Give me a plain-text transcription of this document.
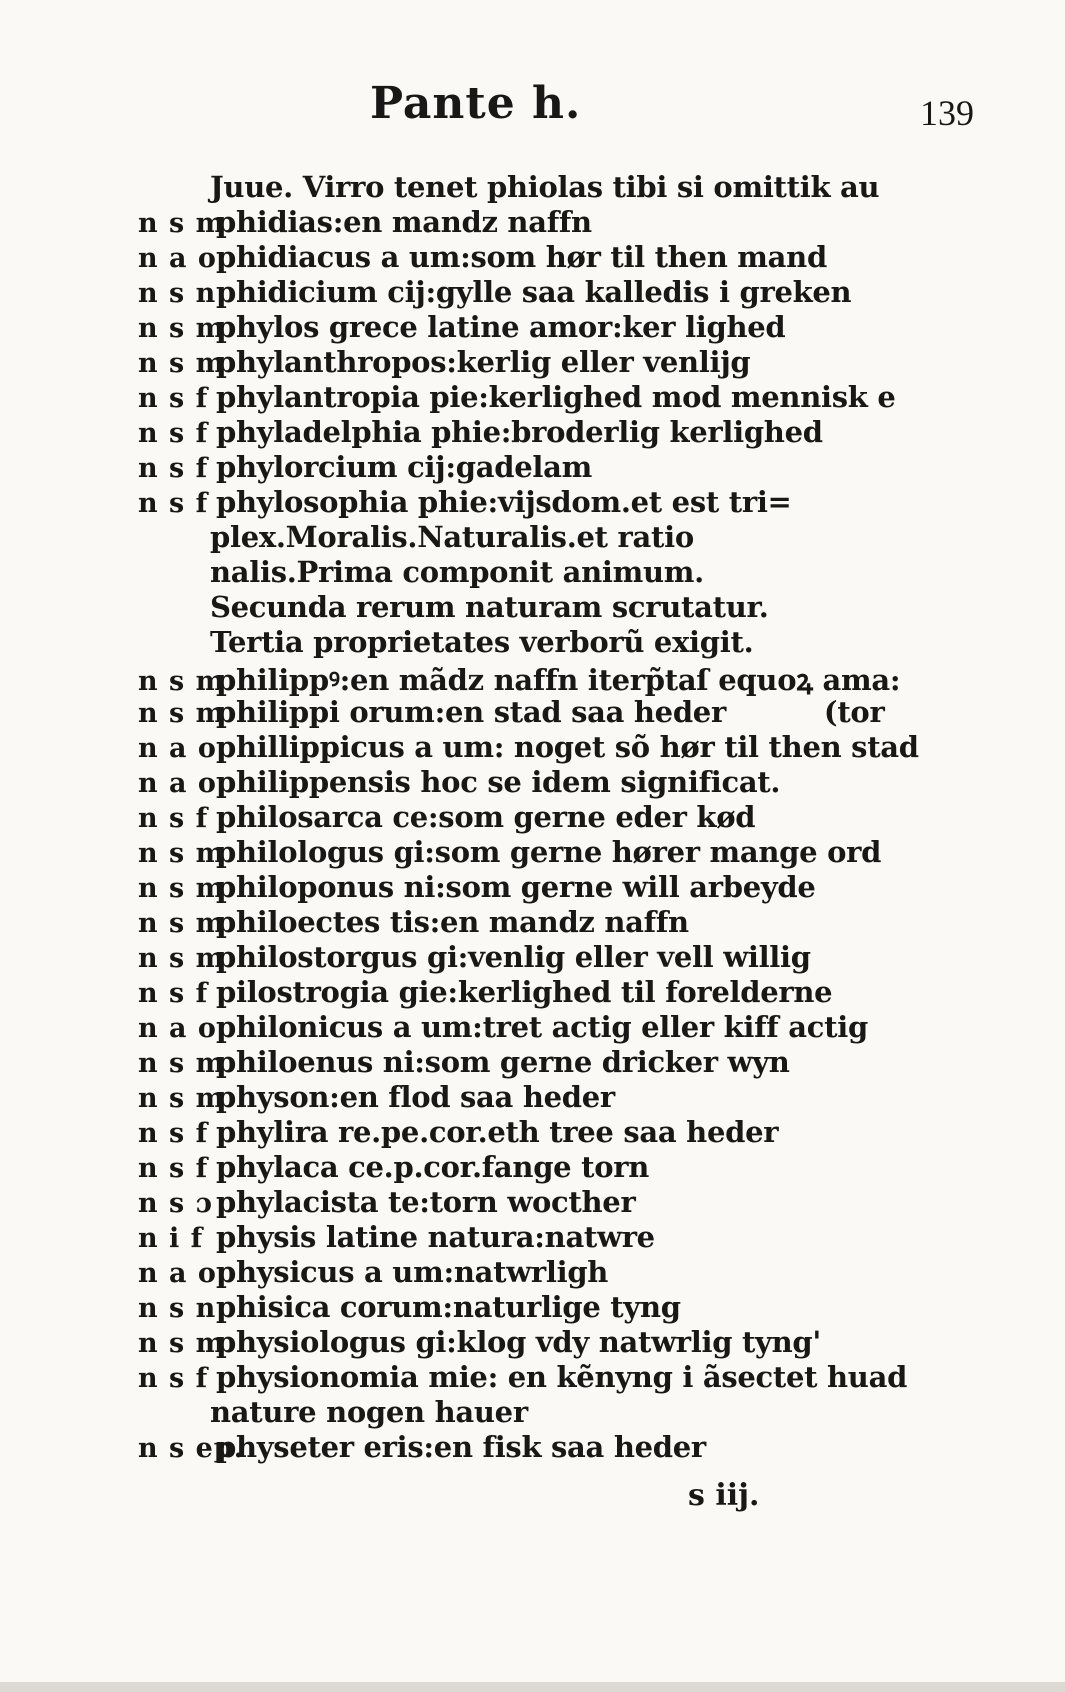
Pante h.	139
Juue. Virro tenet phiolas tibi si omittik au
n s m
phidias:en mandz naffn
n a o phidiacus a um:som hør til then mand
n s n phidicium cij:gylle saa kalledis i greken
n s m
phylos grece latine amor:ker lighed
n s m
phylanthropos:kerlig eller venlijg
n s f phylantropia pie:kerlighed mod mennisk e
n s f phyladelphia phie:broderlig kerlighed
n s f phylorcium cij:gadelam
n s f phylosophia phie:vijsdom.et est tri=
plex.Moralis.Naturalis.et ratio
nalis.Prima componit animum.
Secunda rerum naturam scrutatur.
Tertia proprietates verborũ exigit.
n s m
philippꝰ:en mãdz naffn iterp̃taſ equoꝝ ama:
n s m
philippi orum:en stad saa heder          (tor
n a o phillippicus a um: noget sõ hør til then stad
n a o philippensis hoc se idem significat.
n s f philosarca ce:som gerne eder kød
n s m
philologus gi:som gerne hører mange ord
n s m
philoponus ni:som gerne will arbeyde
n s m
philoectes tis:en mandz naffn
n s m
philostorgus gi:venlig eller vell willig
n s f pilostrogia gie:kerlighed til forelderne
n a o philonicus a um:tret actig eller kiff actig
n s m
philoenus ni:som gerne dricker wyn
n s m
physon:en flod saa heder
n s f phylira re.pe.cor.eth tree saa heder
n s f phylaca ce.p.cor.fange torn
n s ɔ phylacista te:torn wocther
n i f physis latine natura:natwre
n a o physicus a um:natwrligh
n s n phisica corum:naturlige tyng
n s m
physiologus gi:klog vdy natwrlig tyng'
n s f physionomia mie: en kẽnyng i ãsectet huad
nature nogen hauer
n s ep.
physeter eris:en fisk saa heder
s iij.
